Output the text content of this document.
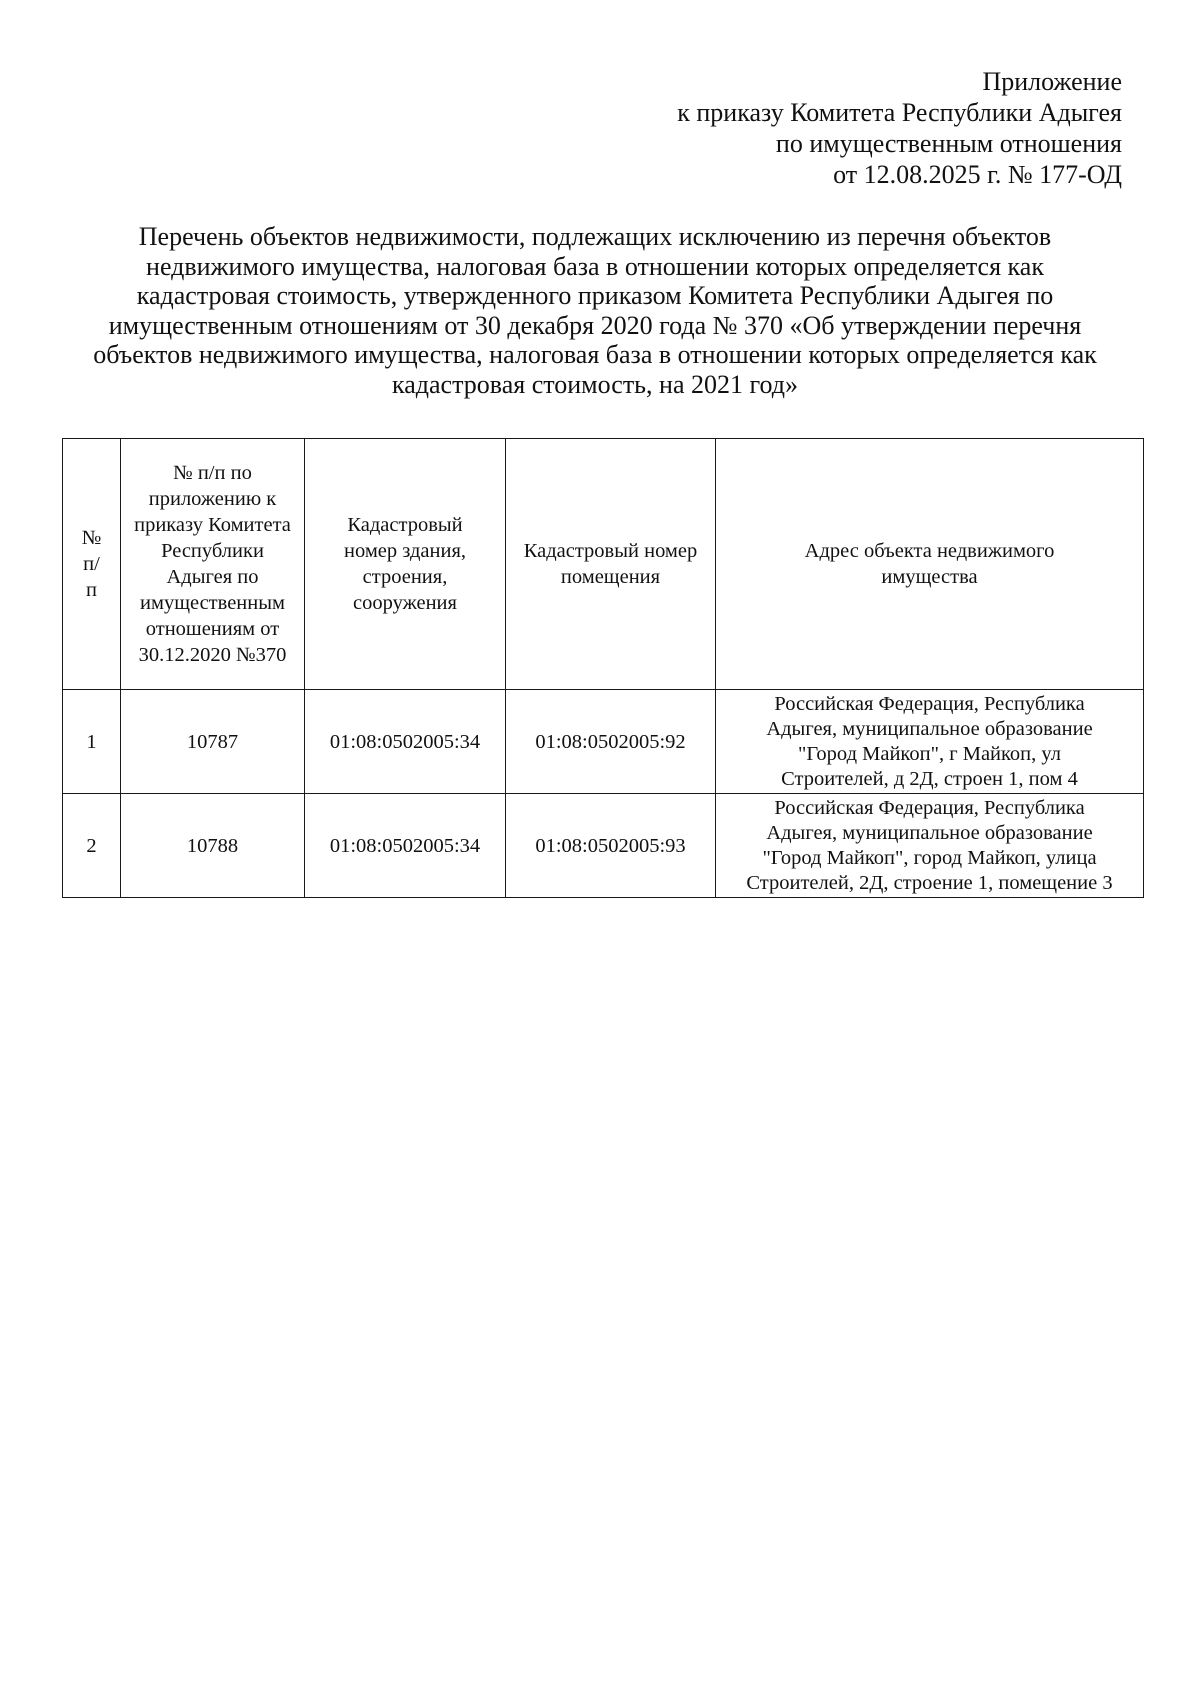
Приложение
к приказу Комитета Республики Адыгея
по имущественным отношения
от 12.08.2025 г. № 177-ОД
Перечень объектов недвижимости, подлежащих исключению из перечня объектов
недвижимого имущества, налоговая база в отношении которых определяется как
кадастровая стоимость, утвержденного приказом Комитета Республики Адыгея по
имущественным отношениям от 30 декабря 2020 года № 370 «Об утверждении перечня
объектов недвижимого имущества, налоговая база в отношении которых определяется как
кадастровая стоимость, на 2021 год»
№ п/п	№ п/п по приложению к приказу Комитета Республики Адыгея по имущественным отношениям от 30.12.2020 №370	Кадастровый номер здания, строения, сооружения	Кадастровый номер помещения	Адрес объекта недвижимого имущества

1	10787	01:08:0502005:34	01:08:0502005:92	Российская Федерация, Республика
Адыгея, муниципальное образование
"Город Майкоп", г Майкоп, ул
Строителей, д 2Д, строен 1, пом 4

2	10788	01:08:0502005:34	01:08:0502005:93	Российская Федерация, Республика
Адыгея, муниципальное образование
"Город Майкоп", город Майкоп, улица
Строителей, 2Д, строение 1, помещение 3
